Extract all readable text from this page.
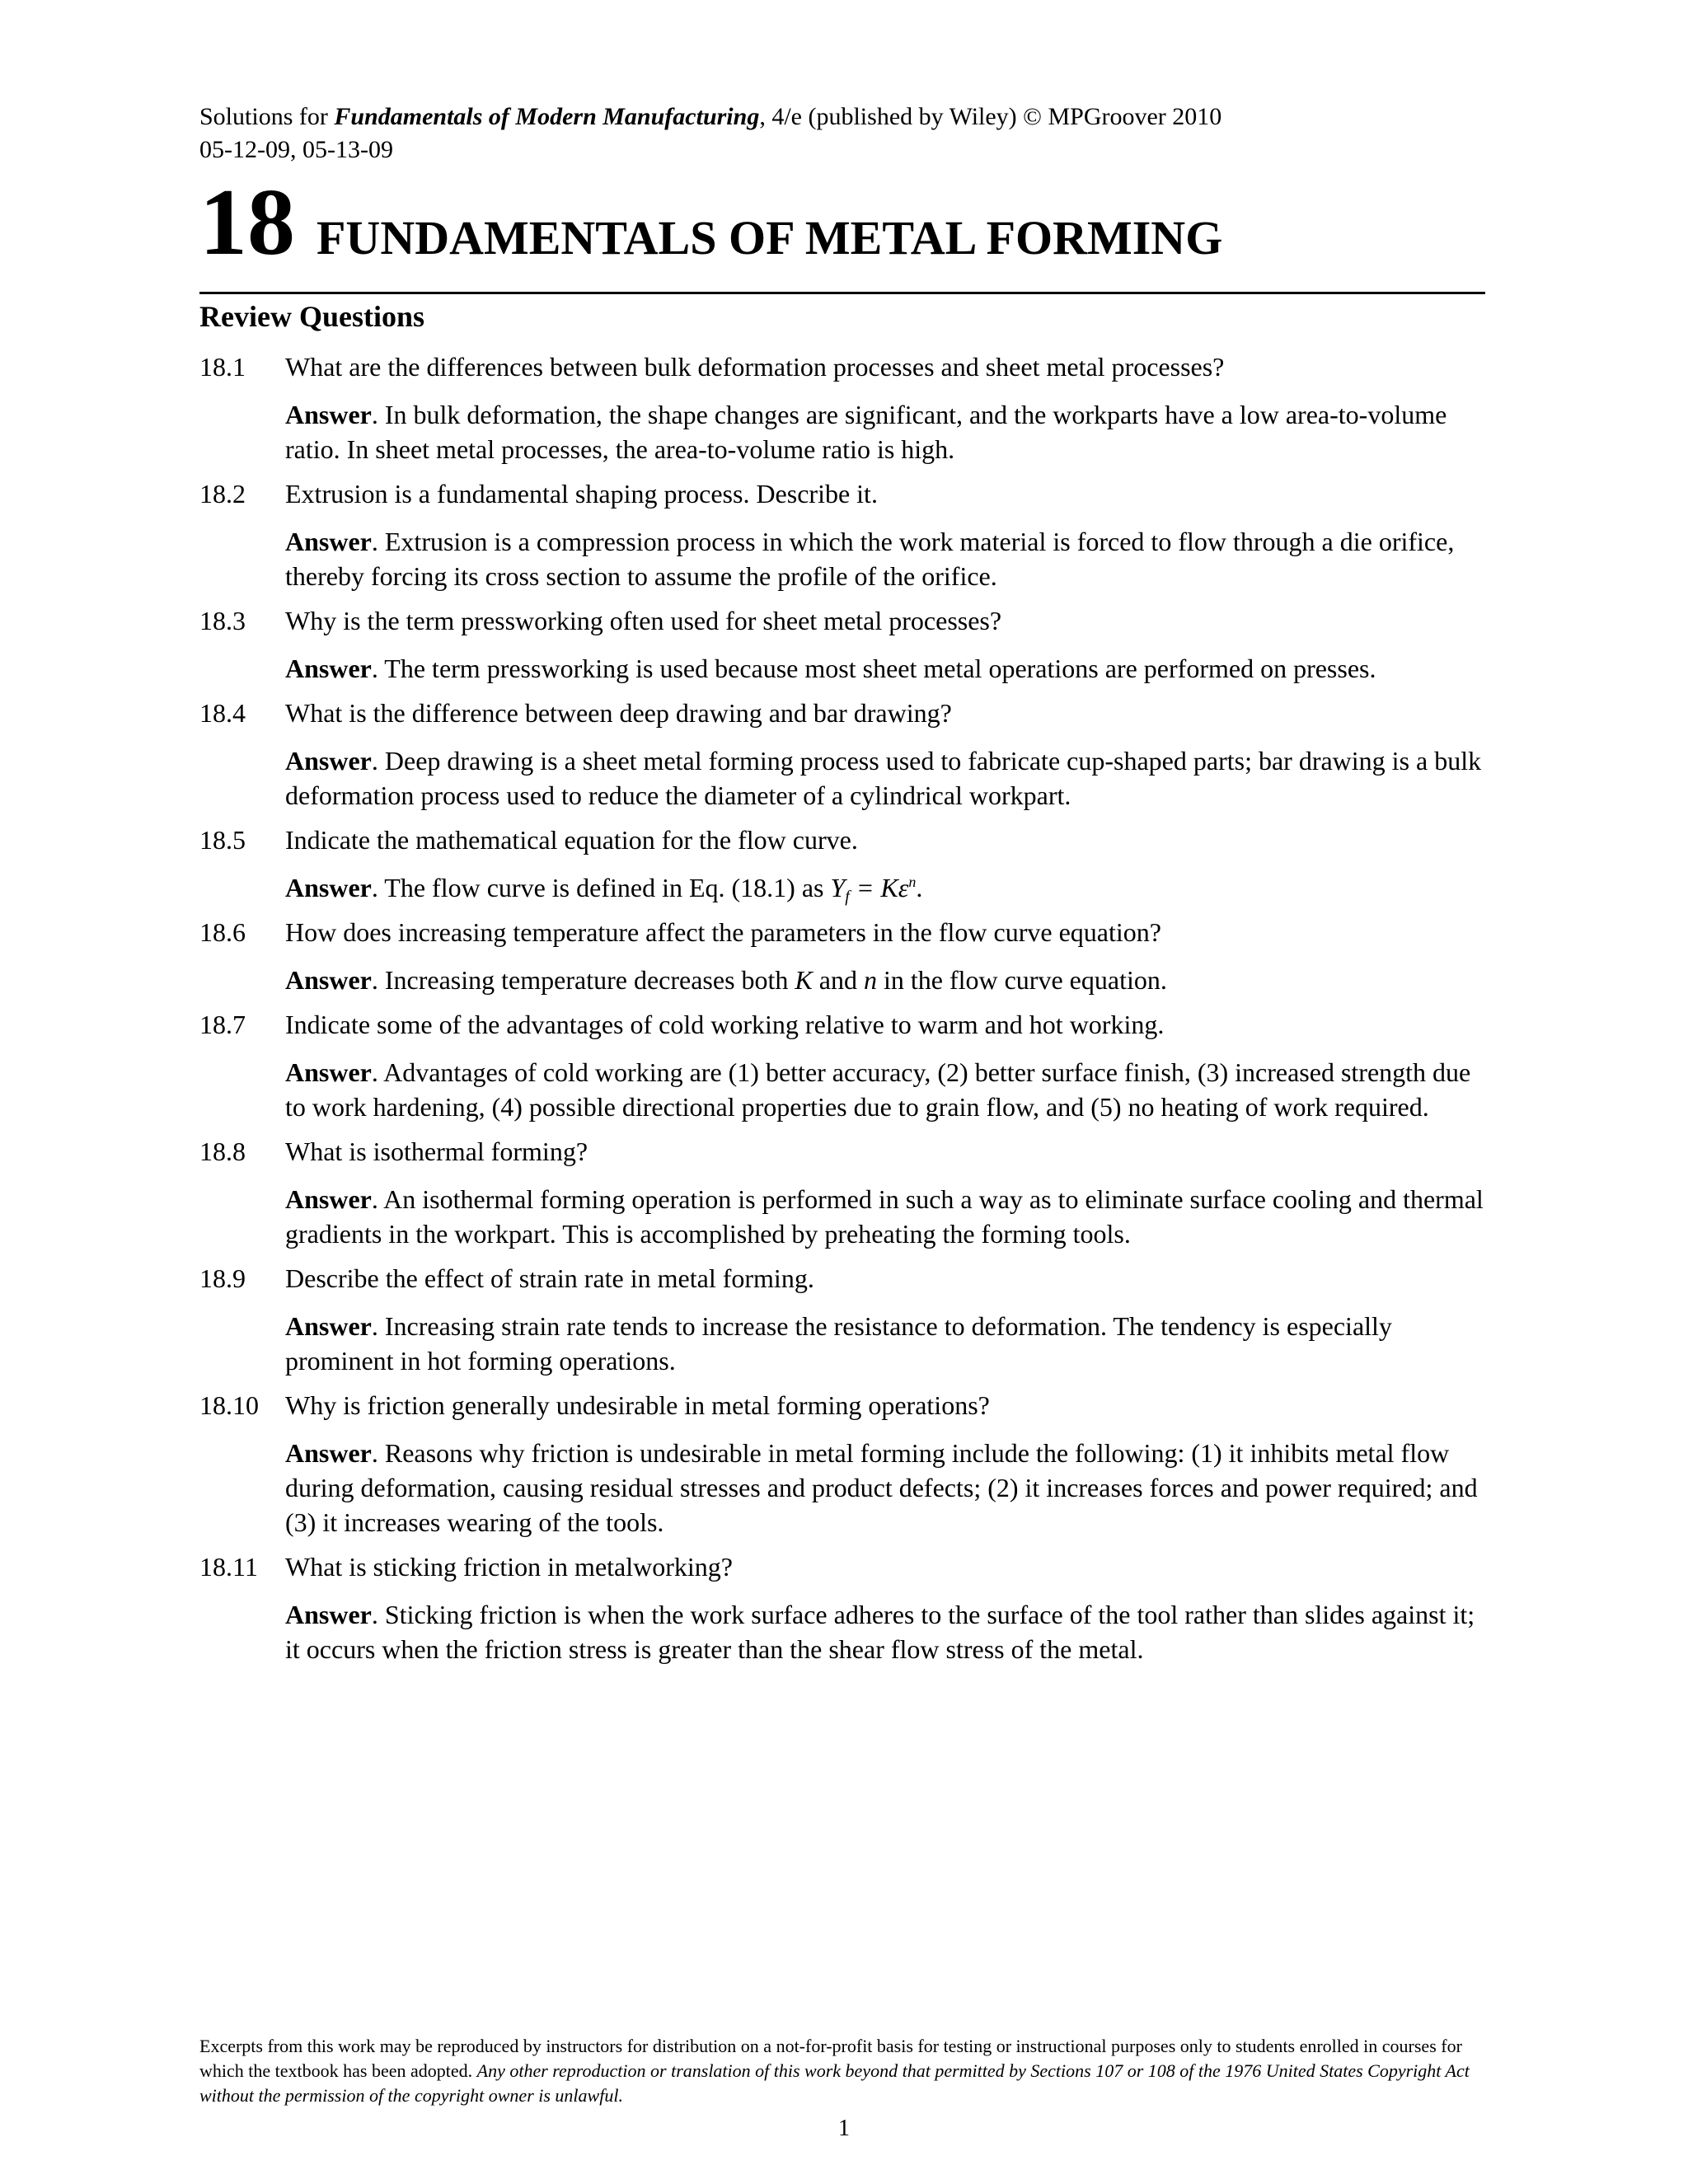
Solutions for Fundamentals of Modern Manufacturing, 4/e (published by Wiley) © MPGroover 2010
05-12-09, 05-13-09
18 FUNDAMENTALS OF METAL FORMING
Review Questions
18.1	What are the differences between bulk deformation processes and sheet metal processes?
Answer. In bulk deformation, the shape changes are significant, and the workparts have a low area-to-volume ratio. In sheet metal processes, the area-to-volume ratio is high.
18.2	Extrusion is a fundamental shaping process. Describe it.
Answer. Extrusion is a compression process in which the work material is forced to flow through a die orifice, thereby forcing its cross section to assume the profile of the orifice.
18.3	Why is the term pressworking often used for sheet metal processes?
Answer. The term pressworking is used because most sheet metal operations are performed on presses.
18.4	What is the difference between deep drawing and bar drawing?
Answer. Deep drawing is a sheet metal forming process used to fabricate cup-shaped parts; bar drawing is a bulk deformation process used to reduce the diameter of a cylindrical workpart.
18.5	Indicate the mathematical equation for the flow curve.
Answer. The flow curve is defined in Eq. (18.1) as $Y_f = K\varepsilon^n$.
18.6	How does increasing temperature affect the parameters in the flow curve equation?
Answer. Increasing temperature decreases both K and n in the flow curve equation.
18.7	Indicate some of the advantages of cold working relative to warm and hot working.
Answer. Advantages of cold working are (1) better accuracy, (2) better surface finish, (3) increased strength due to work hardening, (4) possible directional properties due to grain flow, and (5) no heating of work required.
18.8	What is isothermal forming?
Answer. An isothermal forming operation is performed in such a way as to eliminate surface cooling and thermal gradients in the workpart. This is accomplished by preheating the forming tools.
18.9	Describe the effect of strain rate in metal forming.
Answer. Increasing strain rate tends to increase the resistance to deformation. The tendency is especially prominent in hot forming operations.
18.10	Why is friction generally undesirable in metal forming operations?
Answer. Reasons why friction is undesirable in metal forming include the following: (1) it inhibits metal flow during deformation, causing residual stresses and product defects; (2) it increases forces and power required; and (3) it increases wearing of the tools.
18.11	What is sticking friction in metalworking?
Answer. Sticking friction is when the work surface adheres to the surface of the tool rather than slides against it; it occurs when the friction stress is greater than the shear flow stress of the metal.
Excerpts from this work may be reproduced by instructors for distribution on a not-for-profit basis for testing or instructional purposes only to students enrolled in courses for which the textbook has been adopted. Any other reproduction or translation of this work beyond that permitted by Sections 107 or 108 of the 1976 United States Copyright Act without the permission of the copyright owner is unlawful.
1
